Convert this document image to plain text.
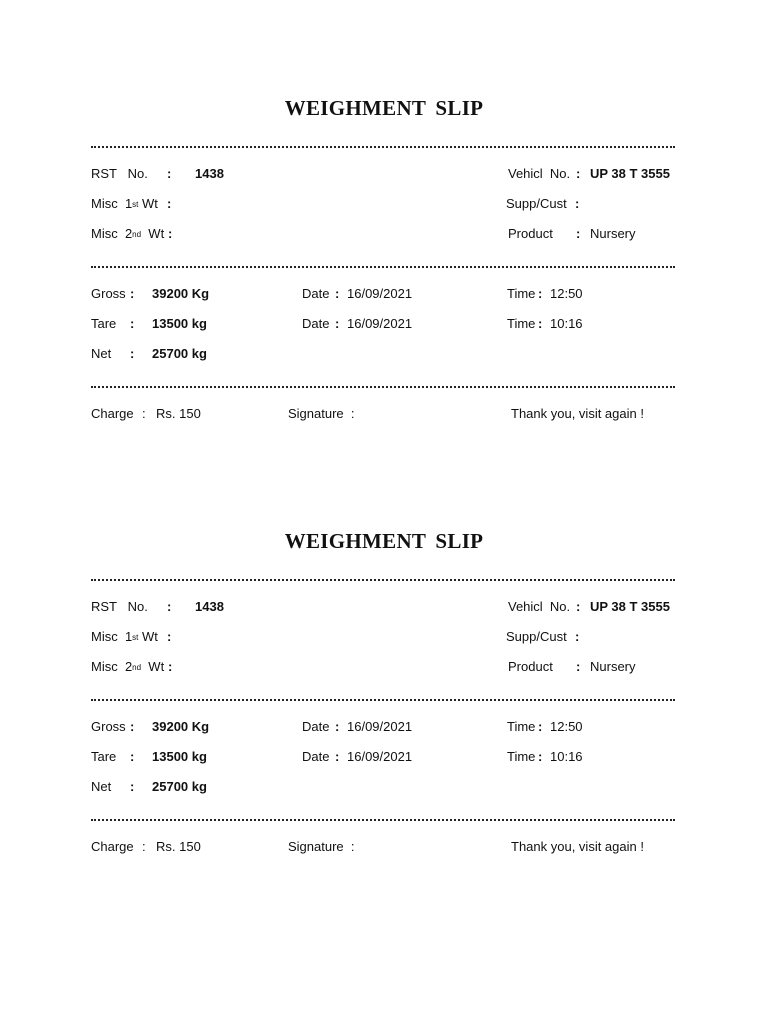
WEIGHMENT SLIP
RST   No. : 1438	Vehicl  No. : UP 38 T 3555
Misc  1st Wt :	Supp/Cust :
Misc  2nd Wt :	Product : Nursery
Gross : 39200 Kg	Date : 16/09/2021	Time : 12:50
Tare : 13500 kg	Date : 16/09/2021	Time : 10:16
Net : 25700 kg
Charge : Rs. 150	Signature  :	Thank you, visit again !
WEIGHMENT SLIP
RST   No. : 1438	Vehicl  No. : UP 38 T 3555
Misc  1st Wt :	Supp/Cust :
Misc  2nd Wt :	Product : Nursery
Gross : 39200 Kg	Date : 16/09/2021	Time : 12:50
Tare : 13500 kg	Date : 16/09/2021	Time : 10:16
Net : 25700 kg
Charge : Rs. 150	Signature  :	Thank you, visit again !
